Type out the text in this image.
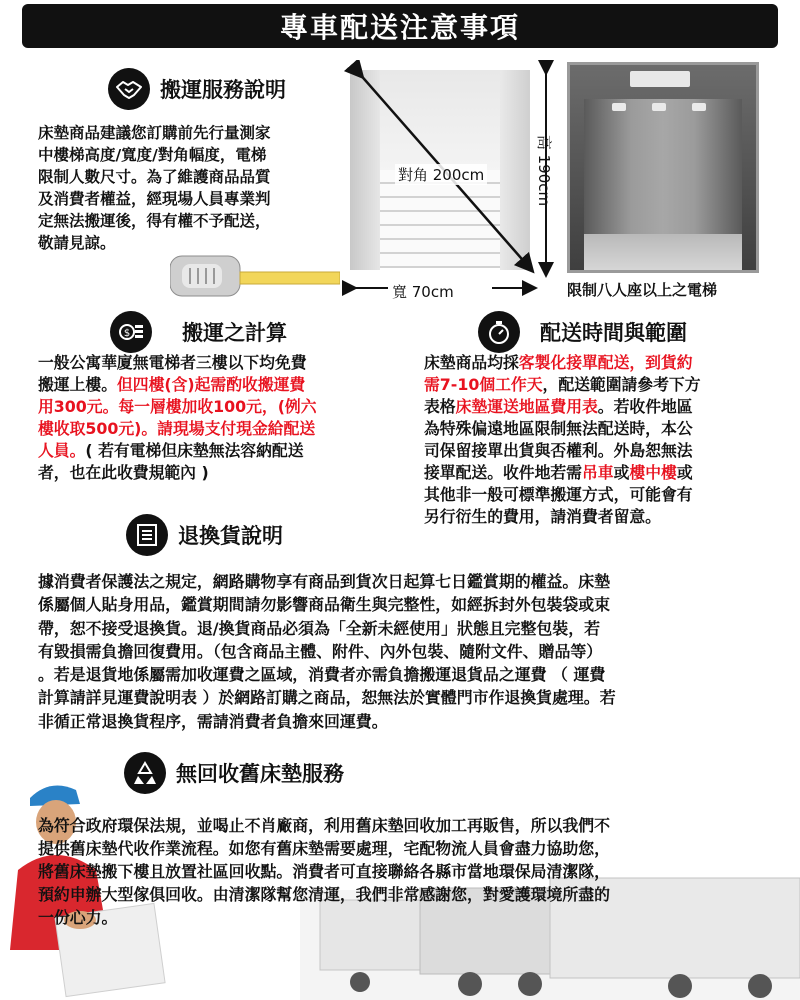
專車配送注意事項
搬運服務說明
床墊商品建議您訂購前先行量測家
中樓梯高度/寬度/對角幅度，電梯
限制人數尺寸。為了維護商品品質
及消費者權益，經現場人員專業判
定無法搬運後，得有權不予配送，
敬請見諒。
對角 200cm	高 190cm
寬 70cm	限制八人座以上之電梯
$ 搬運之計算
一般公寓華廈無電梯者三樓以下均免費
搬運上樓。但四樓(含)起需酌收搬運費
用300元。每一層樓加收100元，(例六
樓收取500元)。請現場支付現金給配送
人員。( 若有電梯但床墊無法容納配送
者，也在此收費規範內 )
配送時間與範圍
床墊商品均採客製化接單配送，到貨約
需7-10個工作天，配送範圍請參考下方
表格床墊運送地區費用表。若收件地區
為特殊偏遠地區限制無法配送時，本公
司保留接單出貨與否權利。外島恕無法
接單配送。收件地若需吊車或樓中樓或
其他非一般可標準搬運方式，可能會有
另行衍生的費用，請消費者留意。
退換貨說明
據消費者保護法之規定，網路購物享有商品到貨次日起算七日鑑賞期的權益。床墊
係屬個人貼身用品，鑑賞期間請勿影響商品衛生與完整性，如經拆封外包裝袋或束
帶，恕不接受退換貨。退/換貨商品必須為「全新未經使用」狀態且完整包裝，若
有毀損需負擔回復費用。（包含商品主體、附件、內外包裝、隨附文件、贈品等）
。若是退貨地係屬需加收運費之區域，消費者亦需負擔搬運退貨品之運費 （ 運費
計算請詳見運費說明表 ）於網路訂購之商品，恕無法於實體門市作退換貨處理。若
非循正常退換貨程序，需請消費者負擔來回運費。
無回收舊床墊服務
為符合政府環保法規，並喝止不肖廠商，利用舊床墊回收加工再販售，所以我們不
提供舊床墊代收作業流程。如您有舊床墊需要處理，宅配物流人員會盡力協助您，
將舊床墊搬下樓且放置社區回收點。消費者可直接聯絡各縣市當地環保局清潔隊，
預約申辦大型傢俱回收。由清潔隊幫您清運，我們非常感謝您，對愛護環境所盡的
一份心力。
